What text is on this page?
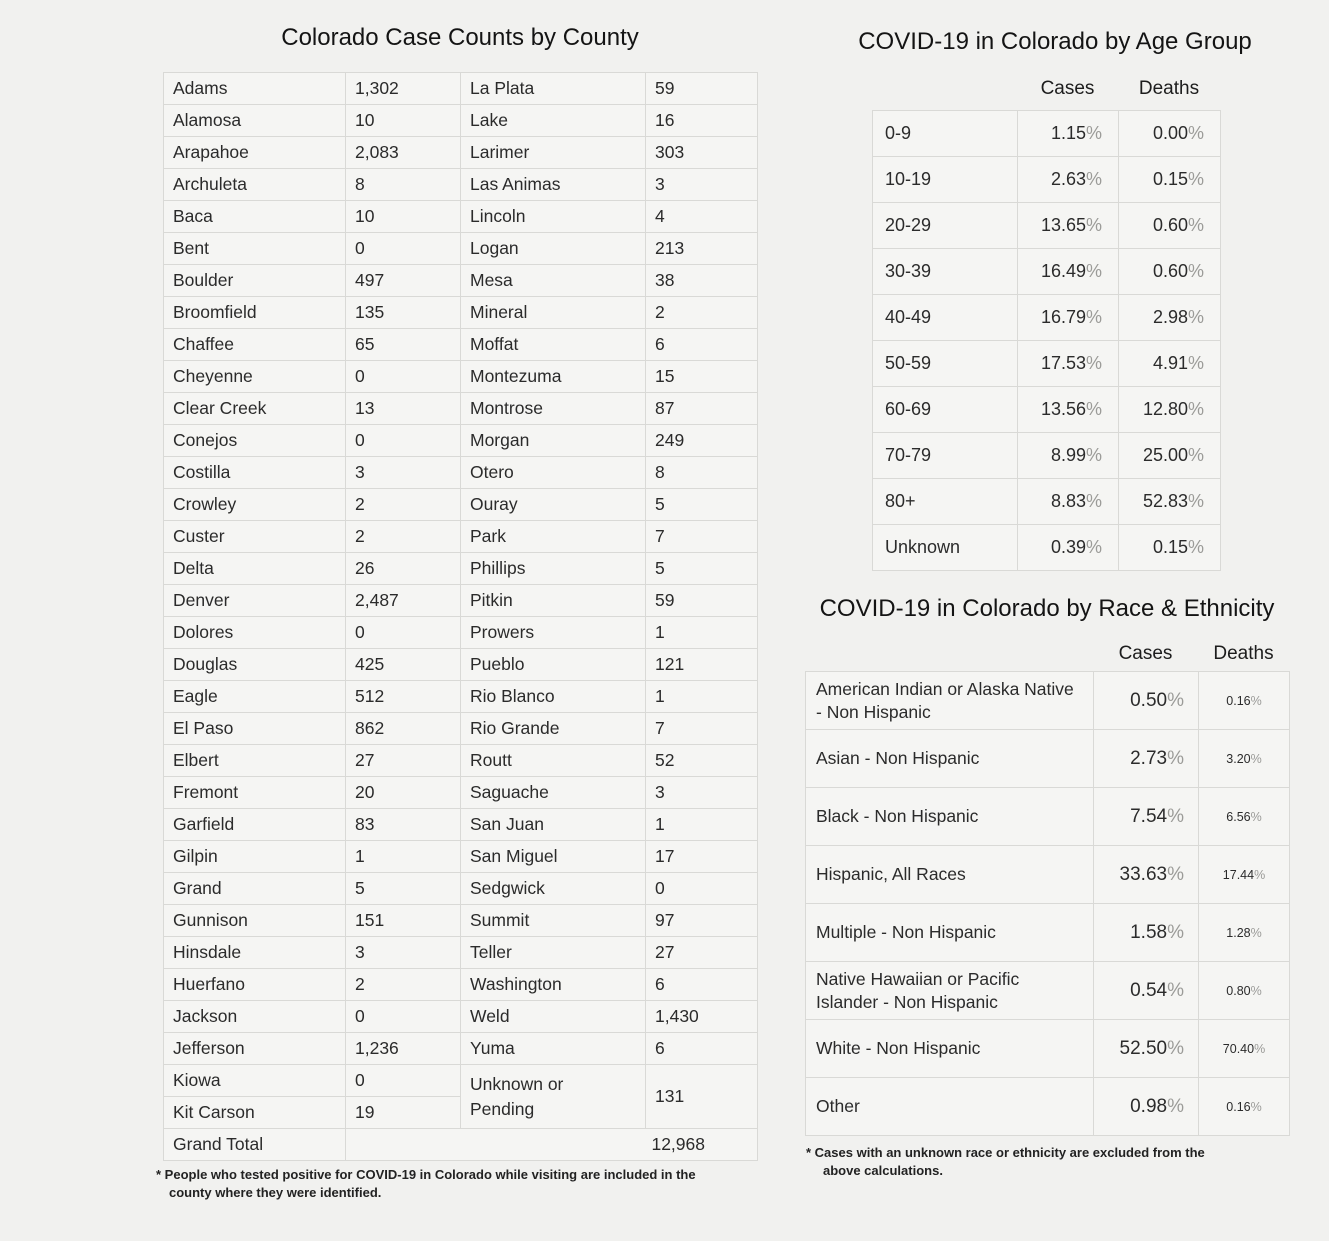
Colorado Case Counts by County
Adams	1,302	La Plata	59
Alamosa	10	Lake	16
Arapahoe	2,083	Larimer	303
Archuleta	8	Las Animas	3
Baca	10	Lincoln	4
Bent	0	Logan	213
Boulder	497	Mesa	38
Broomfield	135	Mineral	2
Chaffee	65	Moffat	6
Cheyenne	0	Montezuma	15
Clear Creek	13	Montrose	87
Conejos	0	Morgan	249
Costilla	3	Otero	8
Crowley	2	Ouray	5
Custer	2	Park	7
Delta	26	Phillips	5
Denver	2,487	Pitkin	59
Dolores	0	Prowers	1
Douglas	425	Pueblo	121
Eagle	512	Rio Blanco	1
El Paso	862	Rio Grande	7
Elbert	27	Routt	52
Fremont	20	Saguache	3
Garfield	83	San Juan	1
Gilpin	1	San Miguel	17
Grand	5	Sedgwick	0
Gunnison	151	Summit	97
Hinsdale	3	Teller	27
Huerfano	2	Washington	6
Jackson	0	Weld	1,430
Jefferson	1,236	Yuma	6
Kiowa	0	Unknown or Pending	131
Kit Carson	19		
Grand Total	12,968		

* People who tested positive for COVID-19 in Colorado while visiting are included in the county where they were identified.

COVID-19 in Colorado by Age Group
Cases	Deaths
0-9	1.15%	0.00%
10-19	2.63%	0.15%
20-29	13.65%	0.60%
30-39	16.49%	0.60%
40-49	16.79%	2.98%
50-59	17.53%	4.91%
60-69	13.56%	12.80%
70-79	8.99%	25.00%
80+	8.83%	52.83%
Unknown	0.39%	0.15%
COVID-19 in Colorado by Race & Ethnicity
Cases	Deaths
American Indian or Alaska Native - Non Hispanic	0.50%	0.16%
Asian - Non Hispanic	2.73%	3.20%
Black - Non Hispanic	7.54%	6.56%
Hispanic, All Races	33.63%	17.44%
Multiple - Non Hispanic	1.58%	1.28%
Native Hawaiian or Pacific Islander - Non Hispanic	0.54%	0.80%
White - Non Hispanic	52.50%	70.40%
Other	0.98%	0.16%

* Cases with an unknown race or ethnicity are excluded from the above calculations.
